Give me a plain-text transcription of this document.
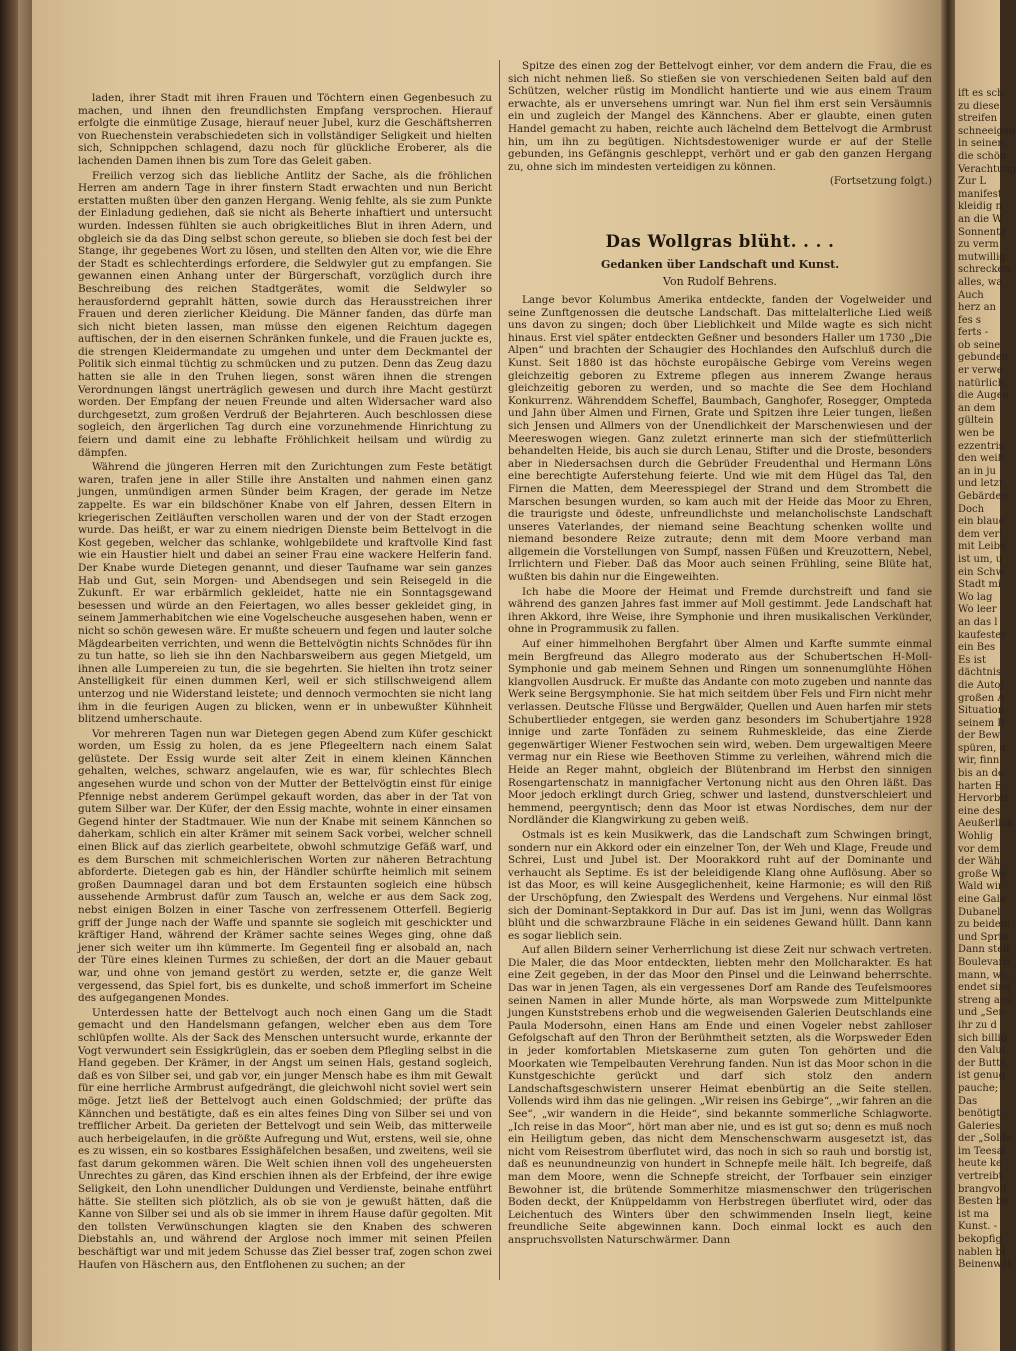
laden, ihrer Stadt mit ihren Frauen und Töchtern einen Gegenbesuch zu machen, und ihnen den freundlichsten Empfang versprochen. Hierauf erfolgte die einmütige Zusage, hierauf neuer Jubel, kurz die Geschäftsherren von Ruechenstein verabschiedeten sich in vollständiger Seligkeit und hielten sich, Schnippchen schlagend, dazu noch für glückliche Eroberer, als die lachenden Damen ihnen bis zum Tore das Geleit gaben.

Freilich verzog sich das liebliche Antlitz der Sache, als die fröhlichen Herren am andern Tage in ihrer finstern Stadt erwachten und nun Bericht erstatten mußten über den ganzen Hergang. Wenig fehlte, als sie zum Punkte der Einladung gediehen, daß sie nicht als Beherte inhaftiert und untersucht wurden. Indessen fühlten sie auch obrigkeitliches Blut in ihren Adern, und obgleich sie da das Ding selbst schon gereute, so blieben sie doch fest bei der Stange, ihr gegebenes Wort zu lösen, und stellten den Alten vor, wie die Ehre der Stadt es schlechterdings erfordere, die Seldwyler gut zu empfangen. Sie gewannen einen Anhang unter der Bürgerschaft, vorzüglich durch ihre Beschreibung des reichen Stadtgerätes, womit die Seldwyler so herausfordernd geprahlt hätten, sowie durch das Herausstreichen ihrer Frauen und deren zierlicher Kleidung. Die Männer fanden, das dürfe man sich nicht bieten lassen, man müsse den eigenen Reichtum dagegen auftischen, der in den eisernen Schränken funkele, und die Frauen juckte es, die strengen Kleidermandate zu umgehen und unter dem Deckmantel der Politik sich einmal tüchtig zu schmücken und zu putzen. Denn das Zeug dazu hatten sie alle in den Truhen liegen, sonst wären ihnen die strengen Verordnungen längst unerträglich gewesen und durch ihre Macht gestürzt worden. Der Empfang der neuen Freunde und alten Widersacher ward also durchgesetzt, zum großen Verdruß der Bejahrteren. Auch beschlossen diese sogleich, den ärgerlichen Tag durch eine vorzunehmende Hinrichtung zu feiern und damit eine zu lebhafte Fröhlichkeit heilsam und würdig zu dämpfen.

Während die jüngeren Herren mit den Zurichtungen zum Feste betätigt waren, trafen jene in aller Stille ihre Anstalten und nahmen einen ganz jungen, unmündigen armen Sünder beim Kragen, der gerade im Netze zappelte. Es war ein bildschöner Knabe von elf Jahren, dessen Eltern in kriegerischen Zeitläuften verschollen waren und der von der Stadt erzogen wurde. Das heißt, er war zu einem niedrigen Dienste beim Bettelvogt in die Kost gegeben, welcher das schlanke, wohlgebildete und kraftvolle Kind fast wie ein Haustier hielt und dabei an seiner Frau eine wackere Helferin fand. Der Knabe wurde Dietegen genannt, und dieser Taufname war sein ganzes Hab und Gut, sein Morgen- und Abendsegen und sein Reisegeld in die Zukunft. Er war erbärmlich gekleidet, hatte nie ein Sonntagsgewand besessen und würde an den Feiertagen, wo alles besser gekleidet ging, in seinem Jammerhabitchen wie eine Vogelscheuche ausgesehen haben, wenn er nicht so schön gewesen wäre. Er mußte scheuern und fegen und lauter solche Mägdearbeiten verrichten, und wenn die Bettelvögtin nichts Schnödes für ihn zu tun hatte, so lieh sie ihn den Nachbarsweibern aus gegen Mietgeld, um ihnen alle Lumpereien zu tun, die sie begehrten. Sie hielten ihn trotz seiner Anstelligkeit für einen dummen Kerl, weil er sich stillschweigend allem unterzog und nie Widerstand leistete; und dennoch vermochten sie nicht lang ihm in die feurigen Augen zu blicken, wenn er in unbewußter Kühnheit blitzend umherschaute.

Vor mehreren Tagen nun war Dietegen gegen Abend zum Küfer geschickt worden, um Essig zu holen, da es jene Pflegeeltern nach einem Salat gelüstete. Der Essig wurde seit alter Zeit in einem kleinen Kännchen gehalten, welches, schwarz angelaufen, wie es war, für schlechtes Blech angesehen wurde und schon von der Mutter der Bettelvögtin einst für einige Pfennige nebst anderem Gerümpel gekauft worden, das aber in der Tat von gutem Silber war. Der Küfer, der den Essig machte, wohnte in einer einsamen Gegend hinter der Stadtmauer. Wie nun der Knabe mit seinem Kännchen so daherkam, schlich ein alter Krämer mit seinem Sack vorbei, welcher schnell einen Blick auf das zierlich gearbeitete, obwohl schmutzige Gefäß warf, und es dem Burschen mit schmeichlerischen Worten zur näheren Betrachtung abforderte. Dietegen gab es hin, der Händler schürfte heimlich mit seinem großen Daumnagel daran und bot dem Erstaunten sogleich eine hübsch aussehende Armbrust dafür zum Tausch an, welche er aus dem Sack zog, nebst einigen Bolzen in einer Tasche von zerfressenem Otterfell. Begierig griff der Junge nach der Waffe und spannte sie sogleich mit geschickter und kräftiger Hand, während der Krämer sachte seines Weges ging, ohne daß jener sich weiter um ihn kümmerte. Im Gegenteil fing er alsobald an, nach der Türe eines kleinen Turmes zu schießen, der dort an die Mauer gebaut war, und ohne von jemand gestört zu werden, setzte er, die ganze Welt vergessend, das Spiel fort, bis es dunkelte, und schoß immerfort im Scheine des aufgegangenen Mondes.

Unterdessen hatte der Bettelvogt auch noch einen Gang um die Stadt gemacht und den Handelsmann gefangen, welcher eben aus dem Tore schlüpfen wollte. Als der Sack des Menschen untersucht wurde, erkannte der Vogt verwundert sein Essigkrüglein, das er soeben dem Pflegling selbst in die Hand gegeben. Der Krämer, in der Angst um seinen Hals, gestand sogleich, daß es von Silber sei, und gab vor, ein junger Mensch habe es ihm mit Gewalt für eine herrliche Armbrust aufgedrängt, die gleichwohl nicht soviel wert sein möge. Jetzt ließ der Bettelvogt auch einen Goldschmied; der prüfte das Kännchen und bestätigte, daß es ein altes feines Ding von Silber sei und von trefflicher Arbeit. Da gerieten der Bettelvogt und sein Weib, das mitterweile auch herbeigelaufen, in die größte Aufregung und Wut, erstens, weil sie, ohne es zu wissen, ein so kostbares Essighäfelchen besaßen, und zweitens, weil sie fast darum gekommen wären. Die Welt schien ihnen voll des ungeheuersten Unrechtes zu gären, das Kind erschien ihnen als der Erbfeind, der ihre ewige Seligkeit, den Lohn unendlicher Duldungen und Verdienste, beinahe entführt hätte. Sie stellten sich plötzlich, als ob sie von je gewußt hätten, daß die Kanne von Silber sei und als ob sie immer in ihrem Hause dafür gegolten. Mit den tollsten Verwünschungen klagten sie den Knaben des schweren Diebstahls an, und während der Arglose noch immer mit seinen Pfeilen beschäftigt war und mit jedem Schusse das Ziel besser traf, zogen schon zwei Haufen von Häschern aus, den Entflohenen zu suchen; an der

Spitze des einen zog der Bettelvogt einher, vor dem andern die Frau, die es sich nicht nehmen ließ. So stießen sie von verschiedenen Seiten bald auf den Schützen, welcher rüstig im Mondlicht hantierte und wie aus einem Traum erwachte, als er unversehens umringt war. Nun fiel ihm erst sein Versäumnis ein und zugleich der Mangel des Kännchens. Aber er glaubte, einen guten Handel gemacht zu haben, reichte auch lächelnd dem Bettelvogt die Armbrust hin, um ihn zu begütigen. Nichtsdestoweniger wurde er auf der Stelle gebunden, ins Gefängnis geschleppt, verhört und er gab den ganzen Hergang zu, ohne sich im mindesten verteidigen zu können.

(Fortsetzung folgt.)
Das Wollgras blüht. . . .
Gedanken über Landschaft und Kunst.
Von Rudolf Behrens.

Lange bevor Kolumbus Amerika entdeckte, fanden der Vogelweider und seine Zunftgenossen die deutsche Landschaft. Das mittelalterliche Lied weiß uns davon zu singen; doch über Lieblichkeit und Milde wagte es sich nicht hinaus. Erst viel später entdeckten Geßner und besonders Haller um 1730 „Die Alpen“ und brachten der Schaugier des Hochlandes den Aufschluß durch die Kunst. Seit 1880 ist das höchste europäische Gebirge vom Vereins wegen gleichzeitig geboren zu Extreme pflegen aus innerem Zwange heraus gleichzeitig geboren zu werden, und so machte die See dem Hochland Konkurrenz. Währenddem Scheffel, Baumbach, Ganghofer, Rosegger, Ompteda und Jahn über Almen und Firnen, Grate und Spitzen ihre Leier tungen, ließen sich Jensen und Allmers von der Unendlichkeit der Marschenwiesen und der Meereswogen wiegen. Ganz zuletzt erinnerte man sich der stiefmütterlich behandelten Heide, bis auch sie durch Lenau, Stifter und die Droste, besonders aber in Niedersachsen durch die Gebrüder Freudenthal und Hermann Löns eine berechtigte Auferstehung feierte. Und wie mit dem Hügel das Tal, den Firnen die Matten, dem Meeresspiegel der Strand und dem Strombett die Marschen besungen wurden, so kam auch mit der Heide das Moor zu Ehren, die traurigste und ödeste, unfreundlichste und melancholischste Landschaft unseres Vaterlandes, der niemand seine Beachtung schenken wollte und niemand besondere Reize zutraute; denn mit dem Moore verband man allgemein die Vorstellungen von Sumpf, nassen Füßen und Kreuzottern, Nebel, Irrlichtern und Fieber. Daß das Moor auch seinen Frühling, seine Blüte hat, wußten bis dahin nur die Eingeweihten.

Ich habe die Moore der Heimat und Fremde durchstreift und fand sie während des ganzen Jahres fast immer auf Moll gestimmt. Jede Landschaft hat ihren Akkord, ihre Weise, ihre Symphonie und ihren musikalischen Verkünder, ohne in Programmusik zu fallen.

Auf einer himmelhohen Bergfahrt über Almen und Karfte summte einmal mein Bergfreund das Allegro moderato aus der Schubertschen H-Moll-Symphonie und gab meinem Sehnen und Ringen um sonnenumglühte Höhen klangvollen Ausdruck. Er mußte das Andante con moto zugeben und nannte das Werk seine Bergsymphonie. Sie hat mich seitdem über Fels und Firn nicht mehr verlassen. Deutsche Flüsse und Bergwälder, Quellen und Auen harfen mir stets Schubertlieder entgegen, sie werden ganz besonders im Schubertjahre 1928 innige und zarte Tonfäden zu seinem Ruhmeskleide, das eine Zierde gegenwärtiger Wiener Festwochen sein wird, weben. Dem urgewaltigen Meere vermag nur ein Riese wie Beethoven Stimme zu verleihen, während mich die Heide an Reger mahnt, obgleich der Blütenbrand im Herbst den sinnigen Rosengartenschatz in mannigfacher Vertonung nicht aus den Ohren läßt. Das Moor jedoch erklingt durch Grieg, schwer und lastend, dunstverschleiert und hemmend, peergyntisch; denn das Moor ist etwas Nordisches, dem nur der Nordländer die Klangwirkung zu geben weiß.

Ostmals ist es kein Musikwerk, das die Landschaft zum Schwingen bringt, sondern nur ein Akkord oder ein einzelner Ton, der Weh und Klage, Freude und Schrei, Lust und Jubel ist. Der Moorakkord ruht auf der Dominante und verhaucht als Septime. Es ist der beleidigende Klang ohne Auflösung. Aber so ist das Moor, es will keine Ausgeglichenheit, keine Harmonie; es will den Riß der Urschöpfung, den Zwiespalt des Werdens und Vergehens. Nur einmal löst sich der Dominant-Septakkord in Dur auf. Das ist im Juni, wenn das Wollgras blüht und die schwarzbraune Fläche in ein seidenes Gewand hüllt. Dann kann es sogar lieblich sein.

Auf allen Bildern seiner Verherrlichung ist diese Zeit nur schwach vertreten. Die Maler, die das Moor entdeckten, liebten mehr den Mollcharakter. Es hat eine Zeit gegeben, in der das Moor den Pinsel und die Leinwand beherrschte. Das war in jenen Tagen, als ein vergessenes Dorf am Rande des Teufelsmoores seinen Namen in aller Munde hörte, als man Worpswede zum Mittelpunkte jungen Kunststrebens erhob und die wegweisenden Galerien Deutschlands eine Paula Modersohn, einen Hans am Ende und einen Vogeler nebst zahlloser Gefolgschaft auf den Thron der Berühmtheit setzten, als die Worpsweder Eden in jeder komfortablen Mietskaserne zum guten Ton gehörten und die Moorkaten wie Tempelbauten Verehrung fanden. Nun ist das Moor schon in die Kunstgeschichte gerückt und darf sich stolz den andern Landschaftsgeschwistern unserer Heimat ebenbürtig an die Seite stellen. Vollends wird ihm das nie gelingen. „Wir reisen ins Gebirge“, „wir fahren an die See“, „wir wandern in die Heide“, sind bekannte sommerliche Schlagworte. „Ich reise in das Moor“, hört man aber nie, und es ist gut so; denn es muß noch ein Heiligtum geben, das nicht dem Menschenschwarm ausgesetzt ist, das nicht vom Reisestrom überflutet wird, das noch in sich so rauh und borstig ist, daß es neunundneunzig von hundert in Schnepfe meile hält. Ich begreife, daß man dem Moore, wenn die Schnepfe streicht, der Torfbauer sein einziger Bewohner ist, die brütende Sommerhitze miasmenschwer den trügerischen Boden deckt, der Knüppeldamm von Herbstregen überflutet wird, oder das Leichentuch des Winters über den schwimmenden Inseln liegt, keine freundliche Seite abgewinnen kann. Doch einmal lockt es auch den anspruchsvollsten Naturschwärmer. Dann

ift es sch
zu diese
streifen
schneeigen
in seinen
die schön
Verachtung
Zur L
manifest
kleidig n
an die W
Sonnenta
zu verm
mutwillig
schrecken,
alles, wa
Auch
herz an
fes s
ferts -
ob seine
gebunden
er verwe
natürlich
die Augen
an dem
gültein
wen be
ezzentris
den weiß
an in ju
und letzt
Gebärden
Doch
ein blaue
dem verl
mit Leibe
ist um, u
ein Schw
Stadt mi
Wo lag
Wo leer
an das l
kaufester
ein Bes
Es ist
dächtnis
die Autoj
großen A
Situation
seinem R
der Bew
spüren, d
wir, finn
bis an de
harten E
Hervorbri
eine des
Aeußerlich
Wohlig
vor dem
der Wäh
große We
Wald wir
eine Gale
Dubanel
zu beidem
und Sprin
Dann stell
Boulevard
mann, wi
endet sind
streng aus
und „Sen
ihr zu d
sich billig
den Valut
der Butte
ist genug
pauche;
Das
benötigt,
Galeries
der „Solde
im Teesal
heute ke
vertreibt
brangvoll
Besten be
ist ma
Kunst. -
bekopfig
nablen bi
Beinenwäl
